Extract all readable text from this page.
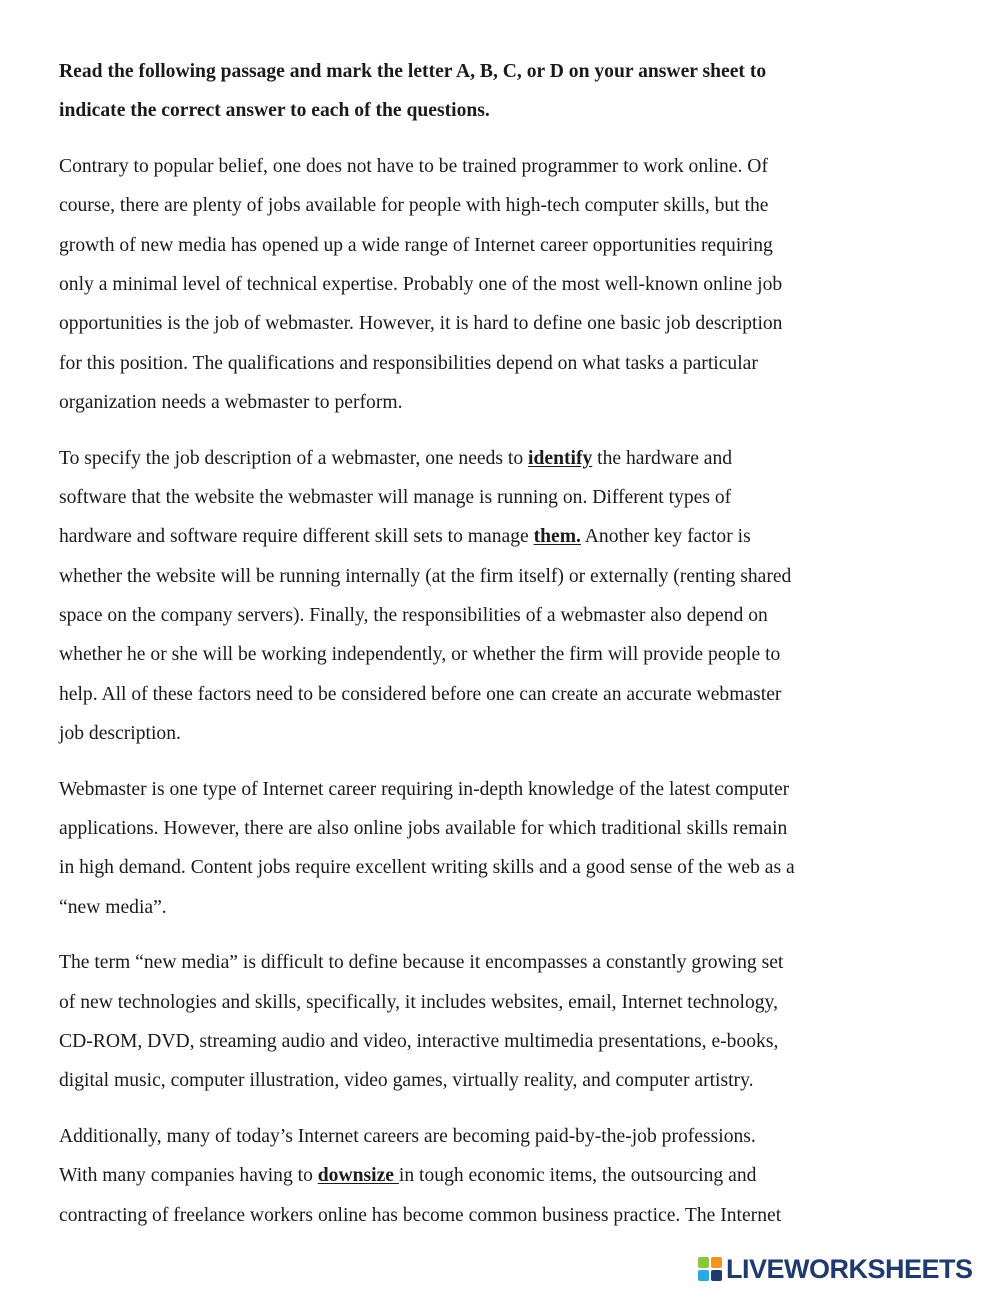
Read the following passage and mark the letter A, B, C, or D on your answer sheet to
indicate the correct answer to each of the questions.
Contrary to popular belief, one does not have to be trained programmer to work online. Of
course, there are plenty of jobs available for people with high-tech computer skills, but the
growth of new media has opened up a wide range of Internet career opportunities requiring
only a minimal level of technical expertise. Probably one of the most well-known online job
opportunities is the job of webmaster. However, it is hard to define one basic job description
for this position. The qualifications and responsibilities depend on what tasks a particular
organization needs a webmaster to perform.
To specify the job description of a webmaster, one needs to identify the hardware and
software that the website the webmaster will manage is running on. Different types of
hardware and software require different skill sets to manage them. Another key factor is
whether the website will be running internally (at the firm itself) or externally (renting shared
space on the company servers). Finally, the responsibilities of a webmaster also depend on
whether he or she will be working independently, or whether the firm will provide people to
help. All of these factors need to be considered before one can create an accurate webmaster
job description.
Webmaster is one type of Internet career requiring in-depth knowledge of the latest computer
applications. However, there are also online jobs available for which traditional skills remain
in high demand. Content jobs require excellent writing skills and a good sense of the web as a
“new media”.
The term “new media” is difficult to define because it encompasses a constantly growing set
of new technologies and skills, specifically, it includes websites, email, Internet technology,
CD-ROM, DVD, streaming audio and video, interactive multimedia presentations, e-books,
digital music, computer illustration, video games, virtually reality, and computer artistry.
Additionally, many of today’s Internet careers are becoming paid-by-the-job professions.
With many companies having to downsize in tough economic items, the outsourcing and
contracting of freelance workers online has become common business practice. The Internet
LIVEWORKSHEETS
